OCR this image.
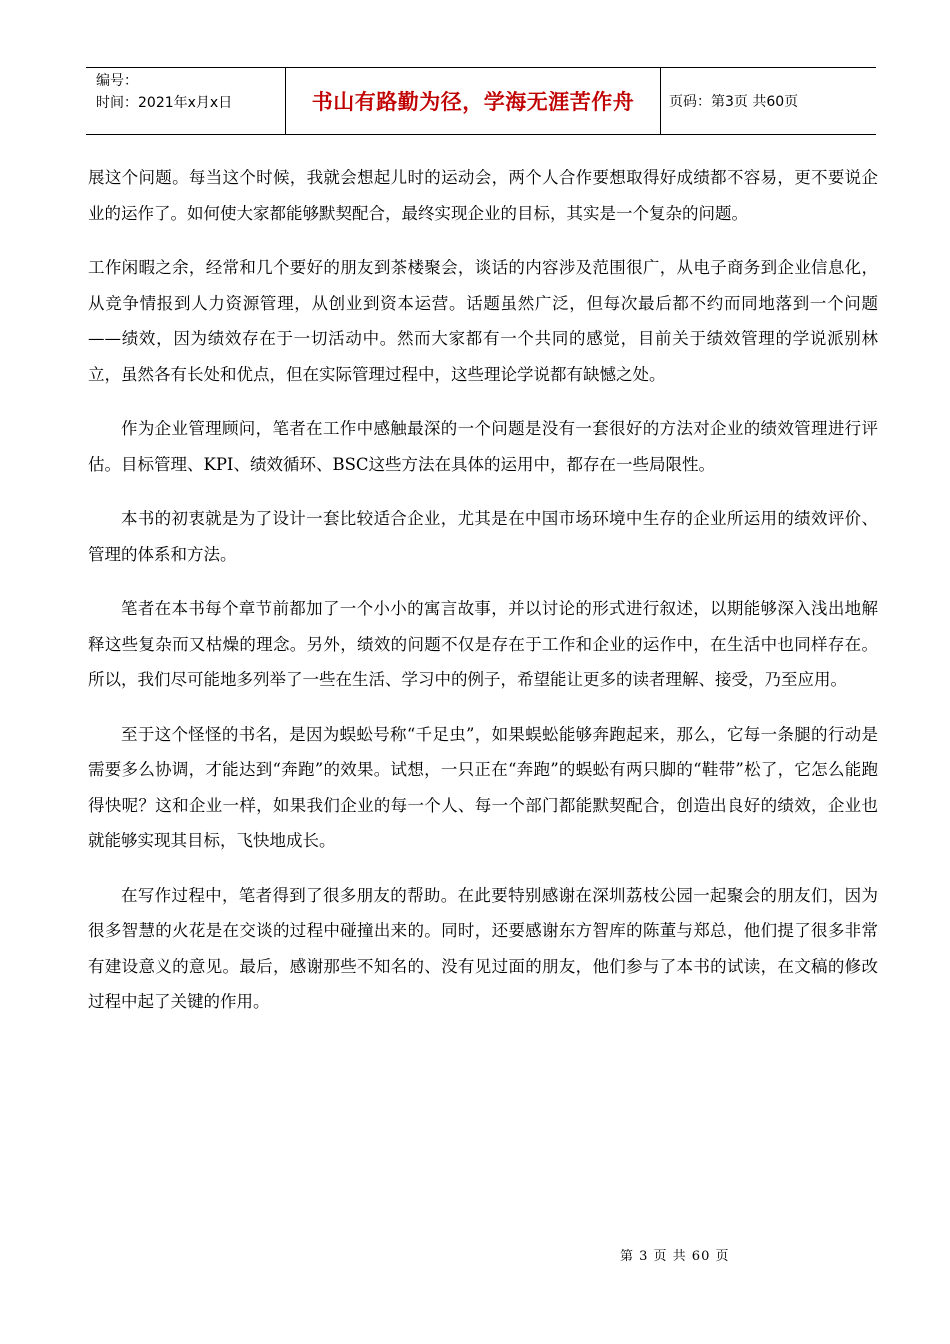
编号：
时间：2021年x月x日	书山有路勤为径，学海无涯苦作舟	页码：第3页 共60页

展这个问题。每当这个时候，我就会想起儿时的运动会，两个人合作要想取得好成绩都不容易，更不要说企业的运作了。如何使大家都能够默契配合，最终实现企业的目标，其实是一个复杂的问题。

工作闲暇之余，经常和几个要好的朋友到茶楼聚会，谈话的内容涉及范围很广，从电子商务到企业信息化，从竞争情报到人力资源管理，从创业到资本运营。话题虽然广泛，但每次最后都不约而同地落到一个问题——绩效，因为绩效存在于一切活动中。然而大家都有一个共同的感觉，目前关于绩效管理的学说派别林立，虽然各有长处和优点，但在实际管理过程中，这些理论学说都有缺憾之处。

作为企业管理顾问，笔者在工作中感触最深的一个问题是没有一套很好的方法对企业的绩效管理进行评估。目标管理、KPI、绩效循环、BSC这些方法在具体的运用中，都存在一些局限性。

本书的初衷就是为了设计一套比较适合企业，尤其是在中国市场环境中生存的企业所运用的绩效评价、管理的体系和方法。

笔者在本书每个章节前都加了一个小小的寓言故事，并以讨论的形式进行叙述，以期能够深入浅出地解释这些复杂而又枯燥的理念。另外，绩效的问题不仅是存在于工作和企业的运作中，在生活中也同样存在。所以，我们尽可能地多列举了一些在生活、学习中的例子，希望能让更多的读者理解、接受，乃至应用。

至于这个怪怪的书名，是因为蜈蚣号称“千足虫”，如果蜈蚣能够奔跑起来，那么，它每一条腿的行动是需要多么协调，才能达到“奔跑”的效果。试想，一只正在“奔跑”的蜈蚣有两只脚的“鞋带”松了，它怎么能跑得快呢？这和企业一样，如果我们企业的每一个人、每一个部门都能默契配合，创造出良好的绩效，企业也就能够实现其目标，飞快地成长。

在写作过程中，笔者得到了很多朋友的帮助。在此要特别感谢在深圳荔枝公园一起聚会的朋友们，因为很多智慧的火花是在交谈的过程中碰撞出来的。同时，还要感谢东方智库的陈董与郑总，他们提了很多非常有建设意义的意见。最后，感谢那些不知名的、没有见过面的朋友，他们参与了本书的试读，在文稿的修改过程中起了关键的作用。

第 3 页 共 60 页
